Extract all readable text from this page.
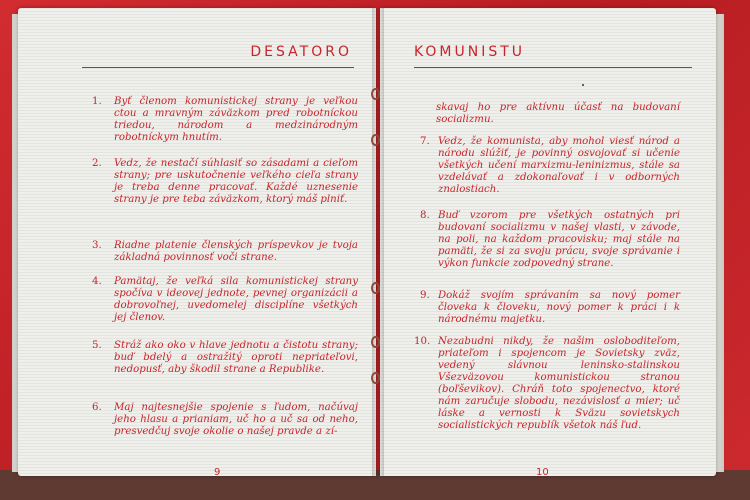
DESATORO
1.	Byť členom komunistickej strany je veľkou ctou a mravným záväzkom pred robotníckou triedou, národom a medzinárodným robotníckym hnutím.
2.	Vedz, že nestačí súhlasiť so zásadami a cieľom strany; pre uskutočnenie veľkého cieľa strany je treba denne pracovať. Každé uznesenie strany je pre teba záväzkom, ktorý máš plniť.
3.	Riadne platenie členských príspevkov je tvoja základná povinnosť voči strane.
4.	Pamätaj, že veľká sila komunistickej strany spočíva v ideovej jednote, pevnej organizácii a dobrovoľnej, uvedomelej disciplíne všetkých jej členov.
5.	Stráž ako oko v hlave jednotu a čistotu strany; buď bdelý a ostražitý oproti nepriateľovi, nedopusť, aby škodil strane a Republike.
6.	Maj najtesnejšie spojenie s ľudom, načúvaj jeho hlasu a prianiam, uč ho a uč sa od neho, presvedčuj svoje okolie o našej pravde a zí-
9
KOMUNISTU
skavaj ho pre aktívnu účasť na budovaní socializmu.
7. Vedz, že komunista, aby mohol viesť národ a národu slúžiť, je povinný osvojovať si učenie všetkých učení marxizmu-leninizmus, stále sa vzdelávať a zdokonaľovať i v odborných znalostiach.
8. Buď vzorom pre všetkých ostatných pri budovaní socializmu v našej vlasti, v závode, na poli, na každom pracovisku; maj stále na pamäti, že si za svoju prácu, svoje správanie i výkon funkcie zodpovedný strane.
9. Dokáž svojím správaním sa nový pomer človeka k človeku, nový pomer k práci i k národnému majetku.
10. Nezabudni nikdy, že našim osloboditeľom, priateľom i spojencom je Sovietsky zväz, vedený slávnou leninsko-stalinskou Všezväzovou komunistickou stranou (boľševikov). Chráň toto spojenectvo, ktoré nám zaručuje slobodu, nezávislosť a mier; uč láske a vernosti k Sväzu sovietskych socialistických republík všetok náš ľud.
10
